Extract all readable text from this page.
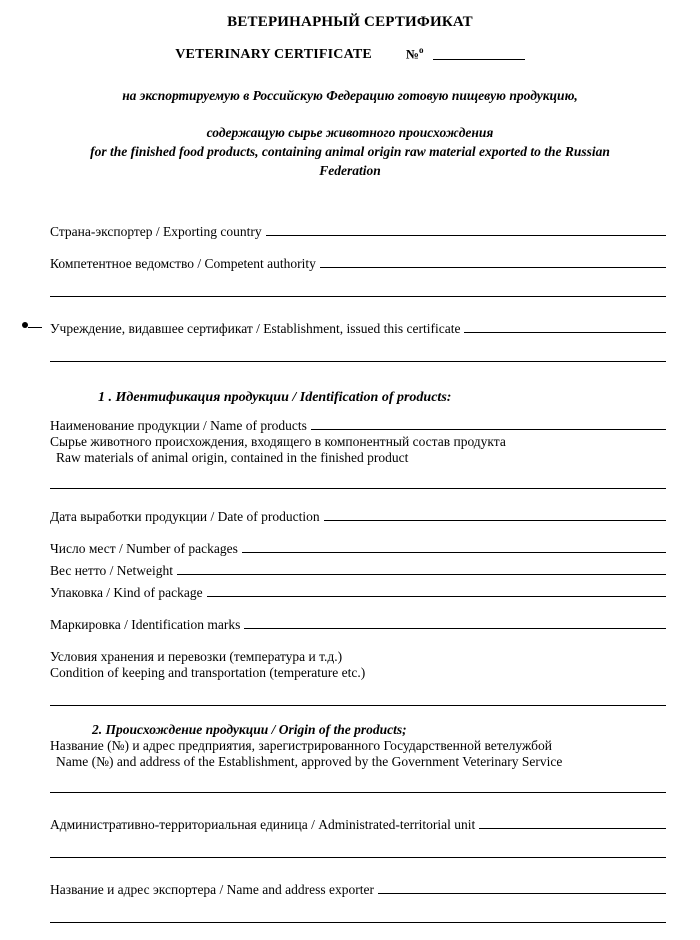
ВЕТЕРИНАРНЫЙ СЕРТИФИКАТ
VETERINARY CERTIFICATE	№$^o$
на экспортируемую в Российскую Федерацию готовую пищевую продукцию,
содержащую сырье животного происхождения
for the finished food products, containing animal origin raw material exported to the Russian
Federation
Страна-экспортер / Exporting country
Компетентное ведомство / Competent authority
Учреждение, видавшее сертификат / Establishment, issued this certificate
1 . Идентификация продукции / Identification of products:
Наименование продукции / Name of products
Сырье животного происхождения, входящего в компонентный состав продукта
Raw materials of animal origin, contained in the finished product
Дата выработки продукции / Date of production
Число мест / Number of packages
Вес нетто / Netweight
Упаковка / Kind of package
Маркировка / Identification marks
Условия хранения и перевозки (температура и т.д.)
Condition of keeping and transportation (temperature etc.)
2. Происхождение продукции / Origin of the products;
Название (№) и адрес предприятия, зарегистрированного Государственной ветелужбой
Name (№) and address of the Establishment, approved by the Government Veterinary Service
Административно-территориальная единица / Administrated-territorial unit
Название и адрес экспортера / Name and address exporter
